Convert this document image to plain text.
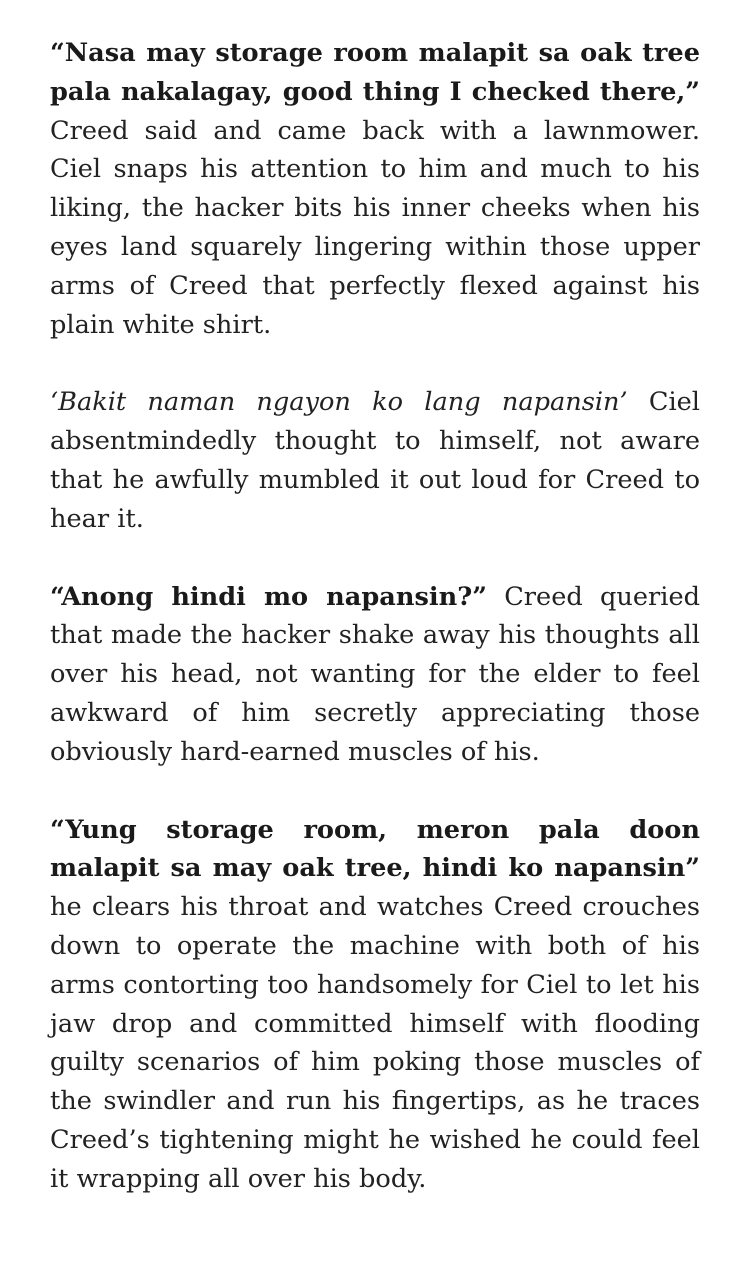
“Nasa may storage room malapit sa oak tree pala nakalagay, good thing I checked there,” Creed said and came back with a lawnmower. Ciel snaps his attention to him and much to his liking, the hacker bits his inner cheeks when his eyes land squarely lingering within those upper arms of Creed that perfectly flexed against his plain white shirt.

‘Bakit naman ngayon ko lang napansin’ Ciel absentmindedly thought to himself, not aware that he awfully mumbled it out loud for Creed to hear it.

“Anong hindi mo napansin?” Creed queried that made the hacker shake away his thoughts all over his head, not wanting for the elder to feel awkward of him secretly appreciating those obviously hard-earned muscles of his.

“Yung storage room, meron pala doon malapit sa may oak tree, hindi ko napansin” he clears his throat and watches Creed crouches down to operate the machine with both of his arms contorting too handsomely for Ciel to let his jaw drop and committed himself with flooding guilty scenarios of him poking those muscles of the swindler and run his fingertips, as he traces Creed’s tightening might he wished he could feel it wrapping all over his body.
